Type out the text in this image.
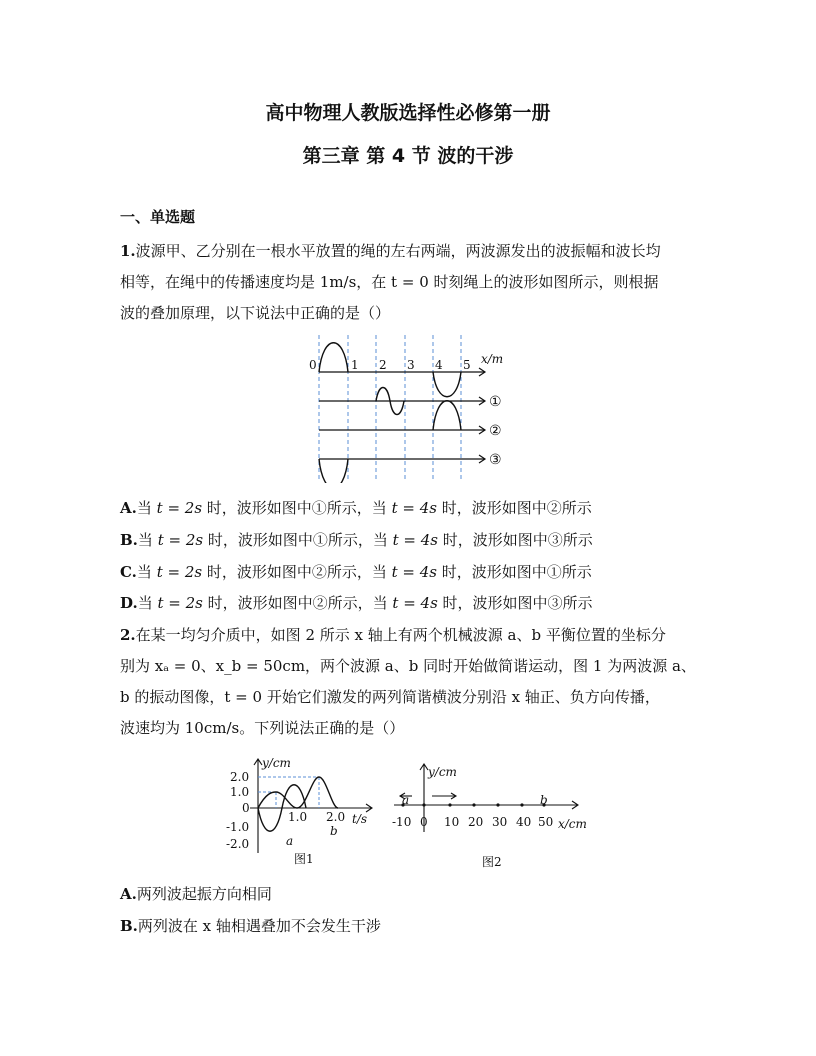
高中物理人教版选择性必修第一册
第三章 第 4 节 波的干涉
一、单选题
1.波源甲、乙分别在一根水平放置的绳的左右两端，两波源发出的波振幅和波长均
相等，在绳中的传播速度均是 1m/s，在 t = 0 时刻绳上的波形如图所示，则根据
波的叠加原理，以下说法中正确的是（）
0	1 2 3 4 5 x/m
①
②
③
A.当 t = 2s 时，波形如图中①所示，当 t = 4s 时，波形如图中②所示
B.当 t = 2s 时，波形如图中①所示，当 t = 4s 时，波形如图中③所示
C.当 t = 2s 时，波形如图中②所示，当 t = 4s 时，波形如图中①所示
D.当 t = 2s 时，波形如图中②所示，当 t = 4s 时，波形如图中③所示
2.在某一均匀介质中，如图 2 所示 x 轴上有两个机械波源 a、b 平衡位置的坐标分
别为 xₐ = 0、x_b = 50cm，两个波源 a、b 同时开始做简谐运动，图 1 为两波源 a、
b 的振动图像，t = 0 开始它们激发的两列简谐横波分别沿 x 轴正、负方向传播，
波速均为 10cm/s。下列说法正确的是（）
y/cm
2.0
1.0
0
-1.0
-2.0
1.0 2.0 t/s
b
a
图1
y/cm
a	b
-10 0 10 20 30 40 50 x/cm
图2
A.两列波起振方向相同
B.两列波在 x 轴相遇叠加不会发生干涉
